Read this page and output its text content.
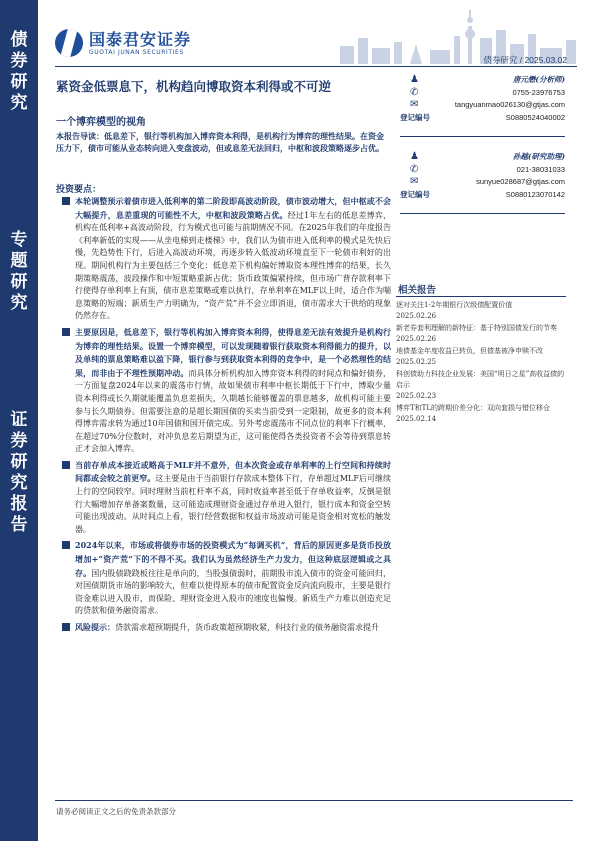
债券研究
专题研究
证券研究报告
国泰君安证券
GUOTAI JUNAN SECURITIES
债券研究 / 2025.03.02
紧资金低票息下，机构趋向博取资本利得或不可逆
一个博弈模型的视角
本报告导读：低息差下，银行等机构加入博弈资本利得，是机构行为博弈的理性结果。在资金压力下，债市可能从业态转向进入变盘波动，但或息差无法回归，中枢和波段策略逐步占优。
投资要点：
本轮调整预示着债市进入低利率的第二阶段即高波动阶段，债市波动增大，但中枢或不会大幅提升，息差重现的可能性不大，中枢和波段策略占优。经过1年左右的低息差博弈，机构在低利率+高波动阶段，行为模式也可能与前期情况不同。在2025年我们的年度报告《利率新低的实现——从坐电梯到走楼梯》中，我们认为债市进入低利率的模式是先快后慢，先趋势性下行，后进入高波动环境，再逐步转入低波动环境直至下一轮债市利好的出现。期间机构行为主要包括三个变化：低息差下机构偏好博取资本理性博弈的结果，长久期策略震荡，波段操作和中短策略重新占优；货币政策偏紧持续，但市场广普存款利率下行使得存单利率上有顶，债市息差策略或难以执行，存单利率在MLF以上时，适合作为喘息策略的短端；新质生产力明确为，“资产荒”并不会立即消退，债市需求大于供给的现象仍然存在。
主要原因是，低息差下，银行等机构加入博弈资本利得，使得息差无法有效提升是机构行为博弈的理性结果。设置一个博弈模型，可以发现随着银行获取资本利得能力的提升，以及单纯的票息策略难以盈下降，银行参与到获取资本利得的竞争中，是一个必然理性的结果，而非由于不理性预期冲动。而具体分析机构加入博弈资本利得的时间点和偏好债券，一方面复盘2024年以来的震荡市行情，故如果债市利率中枢长期低于下行中，博取少量资本利得或长久期就能覆盖负息差损失，久期越长能够覆盖的票息越多，故机构可能主要参与长久期债券。但需要注意的是超长期国债的买卖当前受到一定限制，故更多的资本利得博弈需求转为通过10年国债和国开债完成。另外考虑震荡市不同点位的利率下行概率，在超过70%分位数时，对冲负息差后期望为正，这可能使得各类投资者不会等待到票息转正才会加入博弈。
当前存单成本接近或略高于MLF并不意外，但本次资金或存单利率的上行空间和持续时间都或会较之前更窄。这主要是由于当前银行存款成本整体下行，存单超过MLF后可继续上行的空间较窄。同时理财当前杠杆率不高，同时收益率甚至低于存单收益率，反倒是银行大幅增加存单备案数量，这可能造成理财资金通过存单进入银行，银行成本和资金空转可能出现波动。从时间点上看，银行经营数据和权益市场波动可能是资金相对宽松的触发器。
2024年以来，市场或将债券市场的投资模式为“每调买机”，背后的原因更多是货币投放增加+“资产荒”下的不得不买。我们认为虽然经济生产力发力，但这种底层逻辑或之具存。国内股债跷跷板往往是单向的，当股强债弱时，前期股市流入债市的资金可能回归，对国债期货市场的影响较大，但难以使得原本的债市配置资金反向流向股市，主要是银行资金难以进入股市，而保险、理财资金进入股市的速度也偏慢。新质生产力难以创造充足的贷款和债务融资需求。
风险提示：贷款需求超预期提升，货币政策超预期收紧，科技行业的债务融资需求提升
♟	唐元懋(分析师)
✆	0755-23976753
✉	tangyuanmao026130@gtjas.com
登记编号	S0880524040002
♟	孙越(研究助理)
✆	021-38031033
✉	sunyue028687@gtjas.com
登记编号	S0880123070142
相关报告
逐对关注1-2年期银行次级债配置价值
2025.02.26
新老券套利理解的新特征：基于特别国债发行的节奏
2025.02.26
地债基金年度收益已转负，但债基被净申赎不改
2025.02.25
科创债助力科技企业发展：美国“明日之星”高收益债的启示
2025.02.23
博弈T和TL的跨期价差分化：双向套损与错位移仓
2025.02.14
请务必阅读正文之后的免责条款部分
